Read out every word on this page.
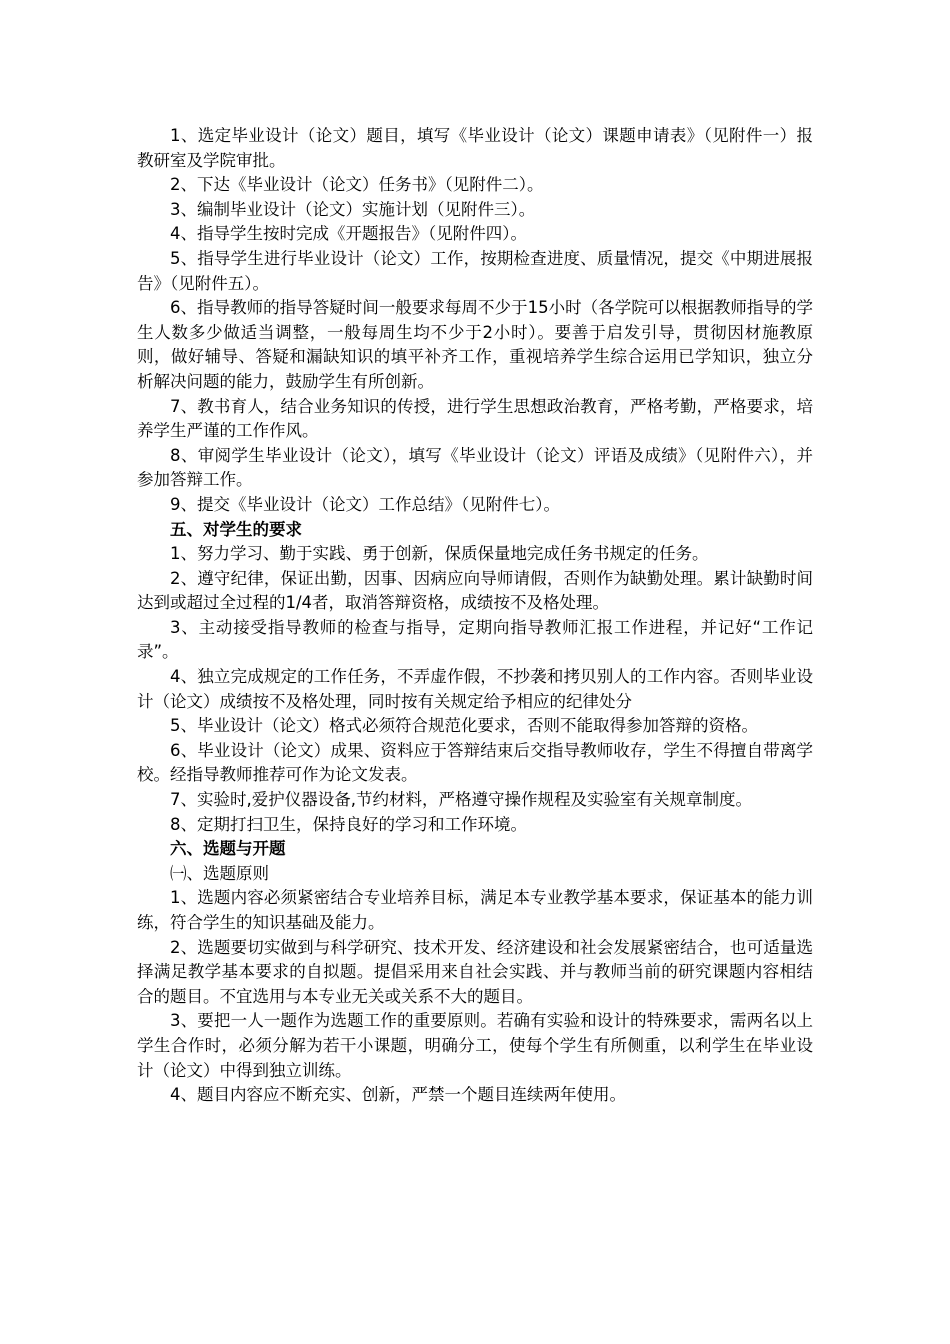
1、选定毕业设计（论文）题目，填写《毕业设计（论文）课题申请表》（见附件一）报教研室及学院审批。

2、下达《毕业设计（论文）任务书》（见附件二）。

3、编制毕业设计（论文）实施计划（见附件三）。

4、指导学生按时完成《开题报告》（见附件四）。

5、指导学生进行毕业设计（论文）工作，按期检查进度、质量情况，提交《中期进展报告》（见附件五）。

6、指导教师的指导答疑时间一般要求每周不少于15小时（各学院可以根据教师指导的学生人数多少做适当调整，一般每周生均不少于2小时）。要善于启发引导，贯彻因材施教原则，做好辅导、答疑和漏缺知识的填平补齐工作，重视培养学生综合运用已学知识，独立分析解决问题的能力，鼓励学生有所创新。

7、教书育人，结合业务知识的传授，进行学生思想政治教育，严格考勤，严格要求，培养学生严谨的工作作风。

8、审阅学生毕业设计（论文），填写《毕业设计（论文）评语及成绩》（见附件六），并参加答辩工作。

9、提交《毕业设计（论文）工作总结》（见附件七）。

五、对学生的要求

1、努力学习、勤于实践、勇于创新，保质保量地完成任务书规定的任务。

2、遵守纪律，保证出勤，因事、因病应向导师请假，否则作为缺勤处理。累计缺勤时间达到或超过全过程的1/4者，取消答辩资格，成绩按不及格处理。

3、主动接受指导教师的检查与指导，定期向指导教师汇报工作进程，并记好“工作记录”。

4、独立完成规定的工作任务，不弄虚作假，不抄袭和拷贝别人的工作内容。否则毕业设计（论文）成绩按不及格处理，同时按有关规定给予相应的纪律处分

5、毕业设计（论文）格式必须符合规范化要求，否则不能取得参加答辩的资格。

6、毕业设计（论文）成果、资料应于答辩结束后交指导教师收存，学生不得擅自带离学校。经指导教师推荐可作为论文发表。

7、实验时,爱护仪器设备,节约材料，严格遵守操作规程及实验室有关规章制度。

8、定期打扫卫生，保持良好的学习和工作环境。

六、选题与开题

㈠、选题原则

1、选题内容必须紧密结合专业培养目标，满足本专业教学基本要求，保证基本的能力训练，符合学生的知识基础及能力。

2、选题要切实做到与科学研究、技术开发、经济建设和社会发展紧密结合，也可适量选择满足教学基本要求的自拟题。提倡采用来自社会实践、并与教师当前的研究课题内容相结合的题目。不宜选用与本专业无关或关系不大的题目。

3、要把一人一题作为选题工作的重要原则。若确有实验和设计的特殊要求，需两名以上学生合作时，必须分解为若干小课题，明确分工，使每个学生有所侧重，以利学生在毕业设计（论文）中得到独立训练。

4、题目内容应不断充实、创新，严禁一个题目连续两年使用。
